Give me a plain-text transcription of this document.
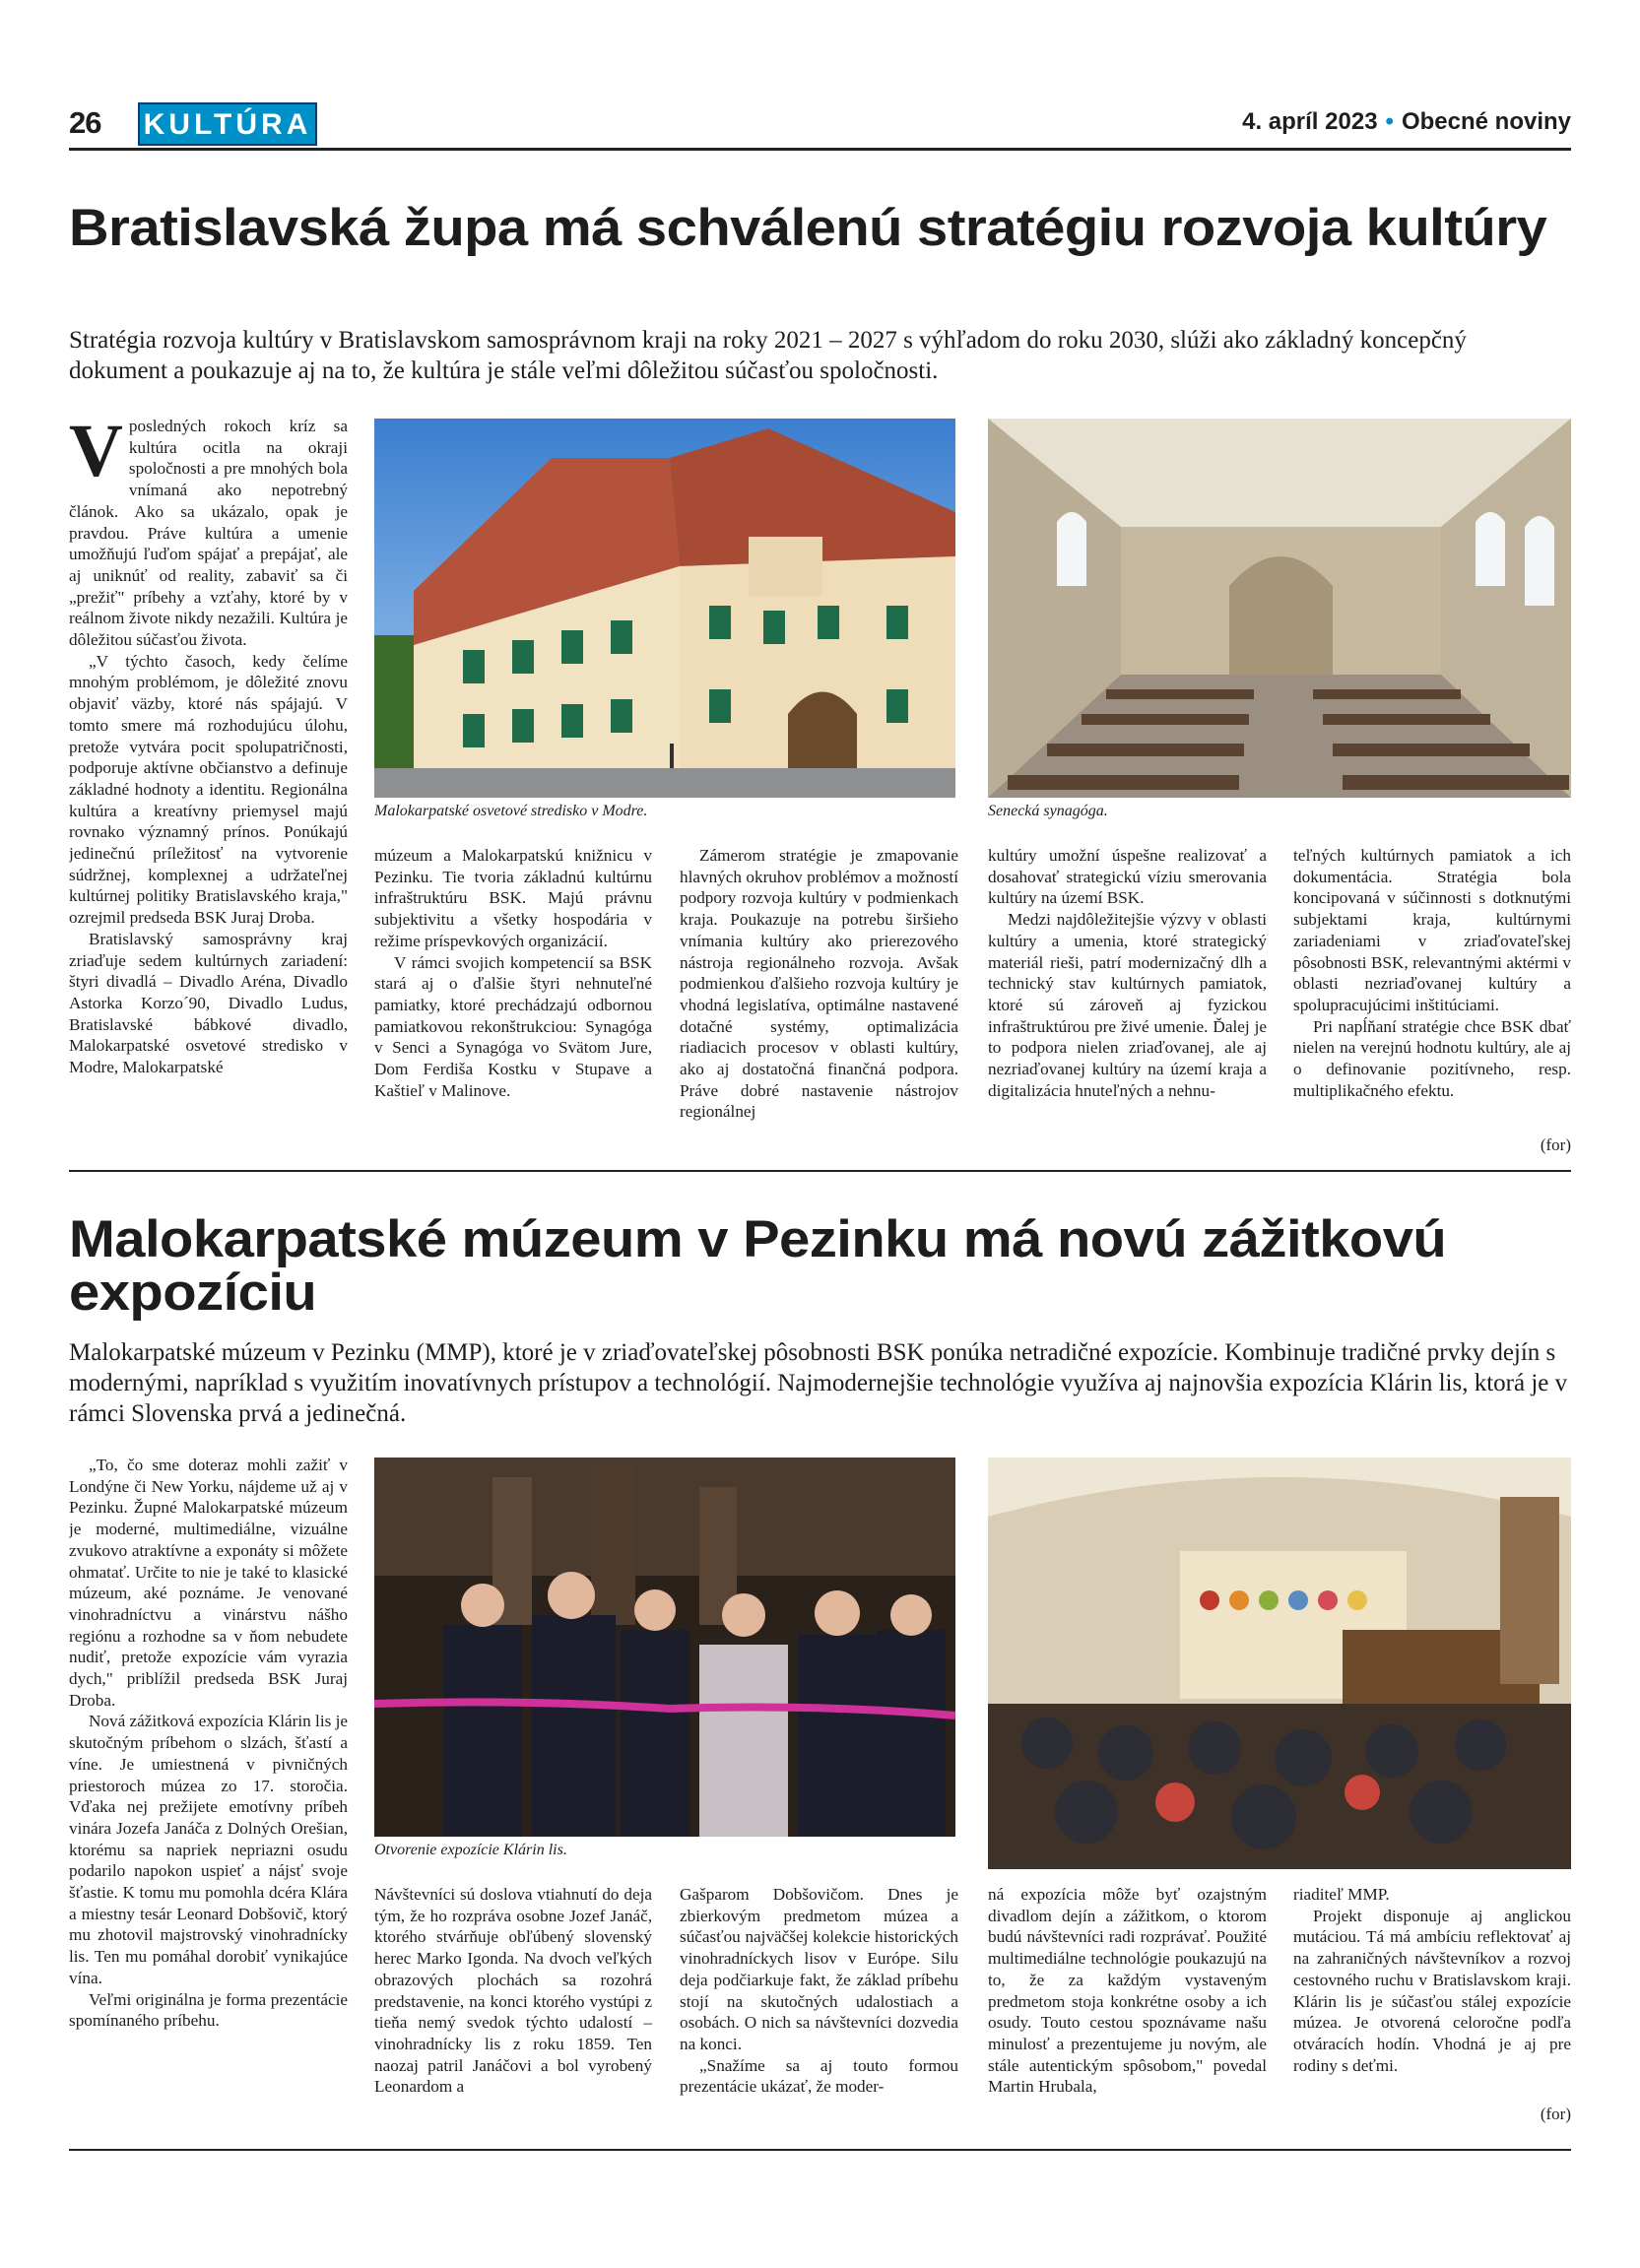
26 KULTÚRA	4. apríl 2023 • Obecné noviny
Bratislavská župa má schválenú stratégiu rozvoja kultúry
Stratégia rozvoja kultúry v Bratislavskom samosprávnom kraji na roky 2021 – 2027 s výhľadom do roku 2030, slúži ako základný koncepčný dokument a poukazuje aj na to, že kultúra je stále veľmi dôležitou súčasťou spoločnosti.
Malokarpatské osvetové stredisko v Modre.	Senecká synagóga.
V posledných rokoch kríz sa kultúra ocitla na okraji spoločnosti a pre mnohých bola vnímaná ako nepotrebný článok. Ako sa ukázalo, opak je pravdou. Práve kultúra a umenie umožňujú ľuďom spájať a prepájať, ale aj uniknúť od reality, zabaviť sa či „prežiť" príbehy a vzťahy, ktoré by v reálnom živote nikdy nezažili. Kultúra je dôležitou súčasťou života.

„V týchto časoch, kedy čelíme mnohým problémom, je dôležité znovu objaviť väzby, ktoré nás spájajú. V tomto smere má rozhodujúcu úlohu, pretože vytvára pocit spolupatričnosti, podporuje aktívne občianstvo a definuje základné hodnoty a identitu. Regionálna kultúra a kreatívny priemysel majú rovnako významný prínos. Ponúkajú jedinečnú príležitosť na vytvorenie súdržnej, komplexnej a udržateľnej kultúrnej politiky Bratislavského kraja," ozrejmil predseda BSK Juraj Droba.

Bratislavský samosprávny kraj zriaďuje sedem kultúrnych zariadení: štyri divadlá – Divadlo Aréna, Divadlo Astorka Korzo´90, Divadlo Ludus, Bratislavské bábkové divadlo, Malokarpatské osvetové stredisko v Modre, Malokarpatské

múzeum a Malokarpatskú knižnicu v Pezinku. Tie tvoria základnú kultúrnu infraštruktúru BSK. Majú právnu subjektivitu a všetky hospodária v režime príspevkových organizácií.

V rámci svojich kompetencií sa BSK stará aj o ďalšie štyri nehnuteľné pamiatky, ktoré prechádzajú odbornou pamiatkovou rekonštrukciou: Synagóga v Senci a Synagóga vo Svätom Jure, Dom Ferdiša Kostku v Stupave a Kaštieľ v Malinove.

Zámerom stratégie je zmapovanie hlavných okruhov problémov a možností podpory rozvoja kultúry v podmienkach kraja. Poukazuje na potrebu širšieho vnímania kultúry ako prierezového nástroja regionálneho rozvoja. Avšak podmienkou ďalšieho rozvoja kultúry je vhodná legislatíva, optimálne nastavené dotačné systémy, optimalizácia riadiacich procesov v oblasti kultúry, ako aj dostatočná finančná podpora. Práve dobré nastavenie nástrojov regionálnej

kultúry umožní úspešne realizovať a dosahovať strategickú víziu smerovania kultúry na území BSK.

Medzi najdôležitejšie výzvy v oblasti kultúry a umenia, ktoré strategický materiál rieši, patrí modernizačný dlh a technický stav kultúrnych pamiatok, ktoré sú zároveň aj fyzickou infraštruktúrou pre živé umenie. Ďalej je to podpora nielen zriaďovanej, ale aj nezriaďovanej kultúry na území kraja a digitalizácia hnuteľných a nehnu-

teľných kultúrnych pamiatok a ich dokumentácia. Stratégia bola koncipovaná v súčinnosti s dotknutými subjektami kraja, kultúrnymi zariadeniami v zriaďovateľskej pôsobnosti BSK, relevantnými aktérmi v oblasti nezriaďovanej kultúry a spolupracujúcimi inštitúciami.

Pri napĺňaní stratégie chce BSK dbať nielen na verejnú hodnotu kultúry, ale aj o definovanie pozitívneho, resp. multiplikačného efektu.

(for)
Malokarpatské múzeum v Pezinku má novú zážitkovú expozíciu
Malokarpatské múzeum v Pezinku (MMP), ktoré je v zriaďovateľskej pôsobnosti BSK ponúka netradičné expozície. Kombinuje tradičné prvky dejín s modernými, napríklad s využitím inovatívnych prístupov a technológií. Najmodernejšie technológie využíva aj najnovšia expozícia Klárin lis, ktorá je v rámci Slovenska prvá a jedinečná.
Otvorenie expozície Klárin lis.

„To, čo sme doteraz mohli zažiť v Londýne či New Yorku, nájdeme už aj v Pezinku. Župné Malokarpatské múzeum je moderné, multimediálne, vizuálne zvukovo atraktívne a exponáty si môžete ohmatať. Určite to nie je také to klasické múzeum, aké poznáme. Je venované vinohradníctvu a vinárstvu nášho regiónu a rozhodne sa v ňom nebudete nudiť, pretože expozície vám vyrazia dych," priblížil predseda BSK Juraj Droba.

Nová zážitková expozícia Klárin lis je skutočným príbehom o slzách, šťastí a víne. Je umiestnená v pivničných priestoroch múzea zo 17. storočia. Vďaka nej prežijete emotívny príbeh vinára Jozefa Janáča z Dolných Orešian, ktorému sa napriek nepriazni osudu podarilo napokon uspieť a nájsť svoje šťastie. K tomu mu pomohla dcéra Klára a miestny tesár Leonard Dobšovič, ktorý mu zhotovil majstrovský vinohradnícky lis. Ten mu pomáhal dorobiť vynikajúce vína.

Veľmi originálna je forma prezentácie spomínaného príbehu.

Návštevníci sú doslova vtiahnutí do deja tým, že ho rozpráva osobne Jozef Janáč, ktorého stvárňuje obľúbený slovenský herec Marko Igonda. Na dvoch veľkých obrazových plochách sa rozohrá predstavenie, na konci ktorého vystúpi z tieňa nemý svedok týchto udalostí – vinohradnícky lis z roku 1859. Ten naozaj patril Janáčovi a bol vyrobený Leonardom a

Gašparom Dobšovičom. Dnes je zbierkovým predmetom múzea a súčasťou najväčšej kolekcie historických vinohradníckych lisov v Európe. Silu deja podčiarkuje fakt, že základ príbehu stojí na skutočných udalostiach a osobách. O nich sa návštevníci dozvedia na konci.

„Snažíme sa aj touto formou prezentácie ukázať, že moder-

ná expozícia môže byť ozajstným divadlom dejín a zážitkom, o ktorom budú návštevníci radi rozprávať. Použité multimediálne technológie poukazujú na to, že za každým vystaveným predmetom stoja konkrétne osoby a ich osudy. Touto cestou spoznávame našu minulosť a prezentujeme ju novým, ale stále autentickým spôsobom," povedal Martin Hrubala,

riaditeľ MMP.

Projekt disponuje aj anglickou mutáciou. Tá má ambíciu reflektovať aj na zahraničných návštevníkov a rozvoj cestovného ruchu v Bratislavskom kraji. Klárin lis je súčasťou stálej expozície múzea. Je otvorená celoročne podľa otváracích hodín. Vhodná je aj pre rodiny s deťmi.

(for)
